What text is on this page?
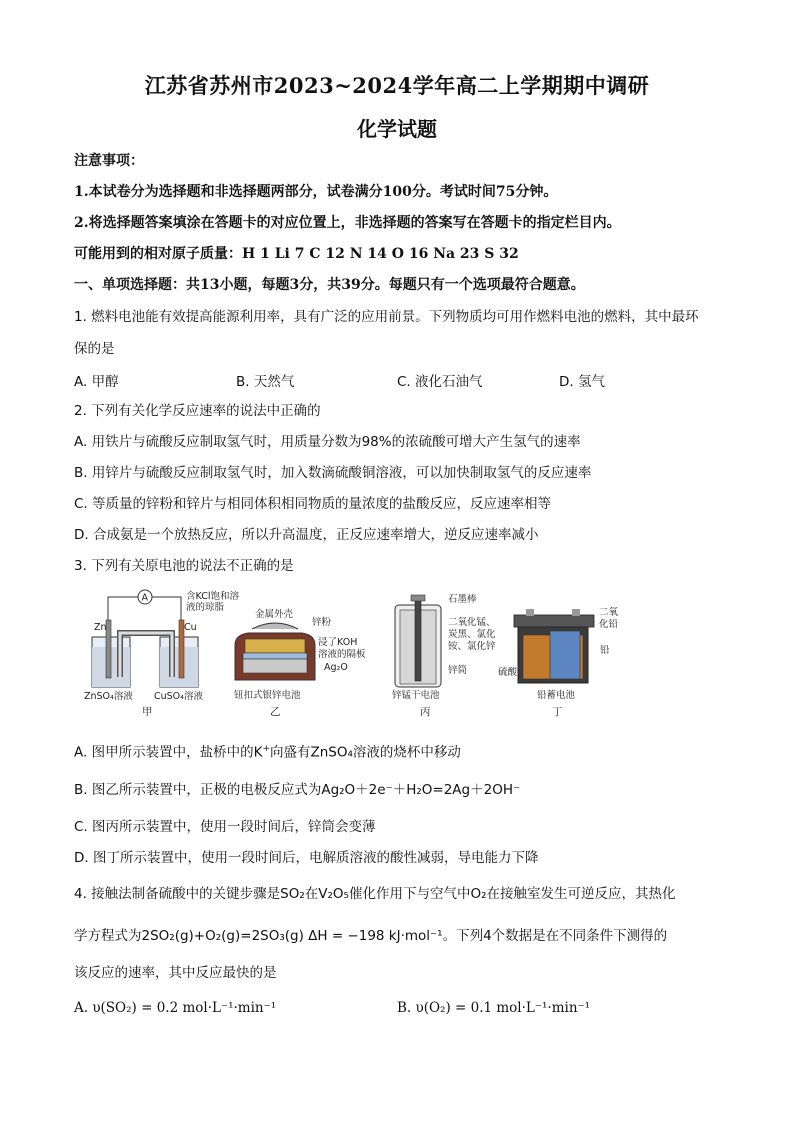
江苏省苏州市2023~2024学年高二上学期期中调研
化学试题
注意事项：
1.本试卷分为选择题和非选择题两部分，试卷满分100分。考试时间75分钟。
2.将选择题答案填涂在答题卡的对应位置上，非选择题的答案写在答题卡的指定栏目内。
可能用到的相对原子质量：H 1 Li 7 C 12 N 14 O 16 Na 23 S 32
一、单项选择题：共13小题，每题3分，共39分。每题只有一个选项最符合题意。
1. 燃料电池能有效提高能源利用率，具有广泛的应用前景。下列物质均可用作燃料电池的燃料，其中最环
保的是
A. 甲醇	B. 天然气	C. 液化石油气	D. 氢气
2. 下列有关化学反应速率的说法中正确的
A. 用铁片与硫酸反应制取氢气时，用质量分数为98%的浓硫酸可增大产生氢气的速率
B. 用锌片与硫酸反应制取氢气时，加入数滴硫酸铜溶液，可以加快制取氢气的反应速率
C. 等质量的锌粉和锌片与相同体积相同物质的量浓度的盐酸反应，反应速率相等
D. 合成氨是一个放热反应，所以升高温度，正反应速率增大，逆反应速率减小
3. 下列有关原电池的说法不正确的是
A	含KCl饱和溶
液的琼脂
Zn	Cu
ZnSO₄溶液 CuSO₄溶液
甲
金属外壳
锌粉
浸了KOH
溶液的隔板
Ag₂O
钮扣式银锌电池
乙
石墨棒
二氧化锰、
炭黑、氯化
铵、氯化锌
锌筒
锌锰干电池
丙
二氧
化铅
铅
硫酸
铅蓄电池
丁
A. 图甲所示装置中，盐桥中的K+向盛有ZnSO₄溶液的烧杯中移动
B. 图乙所示装置中，正极的电极反应式为Ag₂O＋2e⁻＋H₂O=2Ag＋2OH⁻
C. 图丙所示装置中，使用一段时间后，锌筒会变薄
D. 图丁所示装置中，使用一段时间后，电解质溶液的酸性减弱，导电能力下降
4. 接触法制备硫酸中的关键步骤是SO₂在V₂O₅催化作用下与空气中O₂在接触室发生可逆反应，其热化
学方程式为2SO₂(g)+O₂(g)=2SO₃(g) ΔH = −198 kJ·mol⁻¹。下列4个数据是在不同条件下测得的
该反应的速率，其中反应最快的是
A. υ(SO₂) = 0.2 mol·L⁻¹·min⁻¹	B. υ(O₂) = 0.1 mol·L⁻¹·min⁻¹
